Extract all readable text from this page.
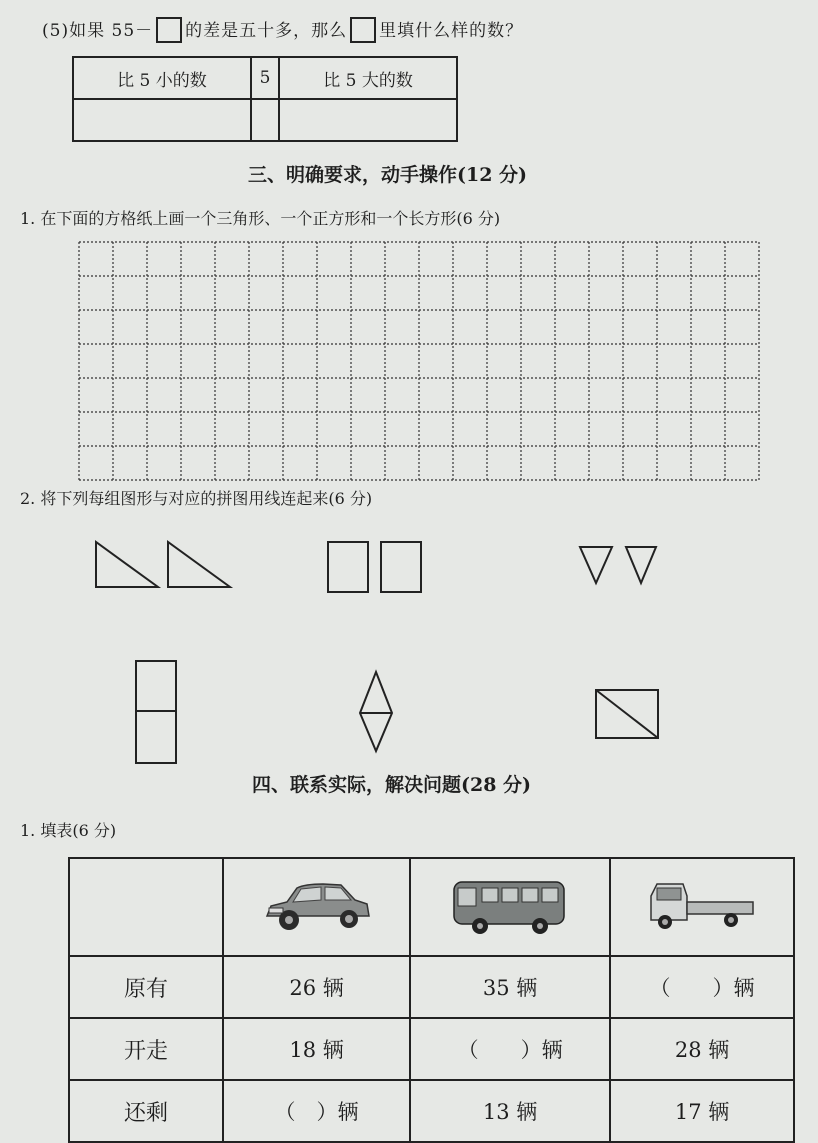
(5)如果 55－ 的差是五十多，那么 里填什么样的数？
比 5 小的数	5	比 5 大的数

三、明确要求，动手操作(12 分)
1. 在下面的方格纸上画一个三角形、一个正方形和一个长方形(6 分)
2. 将下列每组图形与对应的拼图用线连起来(6 分)
四、联系实际，解决问题(28 分)
1. 填表(6 分)

原有	26 辆	35 辆	（　　）辆
开走	18 辆	（　　）辆	28 辆
还剩	（　）辆	13 辆	17 辆
